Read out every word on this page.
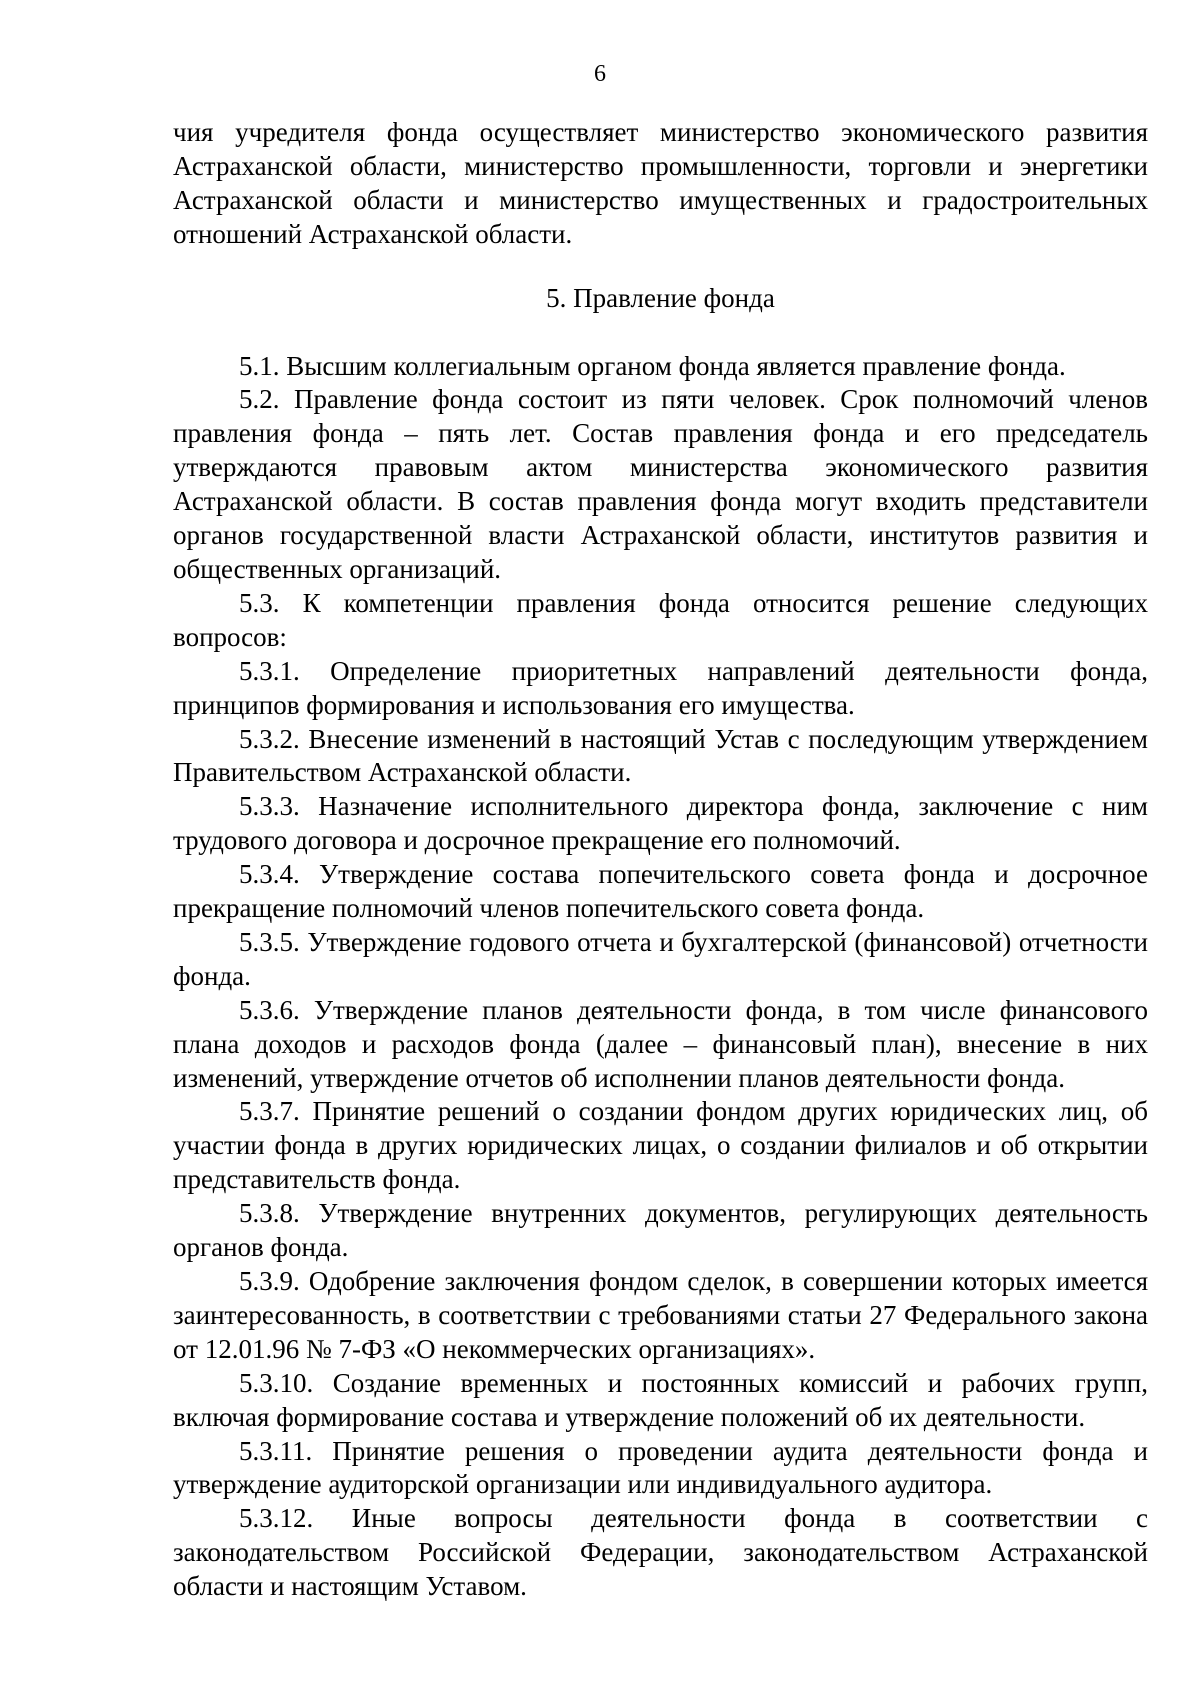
6

чия учредителя фонда осуществляет министерство экономического развития Астраханской области, министерство промышленности, торговли и энергетики Астраханской области и министерство имущественных и градостроительных отношений Астраханской области.

5. Правление фонда

5.1. Высшим коллегиальным органом фонда является правление фонда.

5.2. Правление фонда состоит из пяти человек. Срок полномочий членов правления фонда – пять лет. Состав правления фонда и его председатель утверждаются правовым актом министерства экономического развития Астраханской области. В состав правления фонда могут входить представители органов государственной власти Астраханской области, институтов развития и общественных организаций.

5.3. К компетенции правления фонда относится решение следующих вопросов:

5.3.1. Определение приоритетных направлений деятельности фонда, принципов формирования и использования его имущества.

5.3.2. Внесение изменений в настоящий Устав с последующим утверждением Правительством Астраханской области.

5.3.3. Назначение исполнительного директора фонда, заключение с ним трудового договора и досрочное прекращение его полномочий.

5.3.4. Утверждение состава попечительского совета фонда и досрочное прекращение полномочий членов попечительского совета фонда.

5.3.5. Утверждение годового отчета и бухгалтерской (финансовой) отчетности фонда.

5.3.6. Утверждение планов деятельности фонда, в том числе финансового плана доходов и расходов фонда (далее – финансовый план), внесение в них изменений, утверждение отчетов об исполнении планов деятельности фонда.

5.3.7. Принятие решений о создании фондом других юридических лиц, об участии фонда в других юридических лицах, о создании филиалов и об открытии представительств фонда.

5.3.8. Утверждение внутренних документов, регулирующих деятельность органов фонда.

5.3.9. Одобрение заключения фондом сделок, в совершении которых имеется заинтересованность, в соответствии с требованиями статьи 27 Федерального закона от 12.01.96 № 7-ФЗ «О некоммерческих организациях».

5.3.10. Создание временных и постоянных комиссий и рабочих групп, включая формирование состава и утверждение положений об их деятельности.

5.3.11. Принятие решения о проведении аудита деятельности фонда и утверждение аудиторской организации или индивидуального аудитора.

5.3.12. Иные вопросы деятельности фонда в соответствии с законодательством Российской Федерации, законодательством Астраханской области и настоящим Уставом.
